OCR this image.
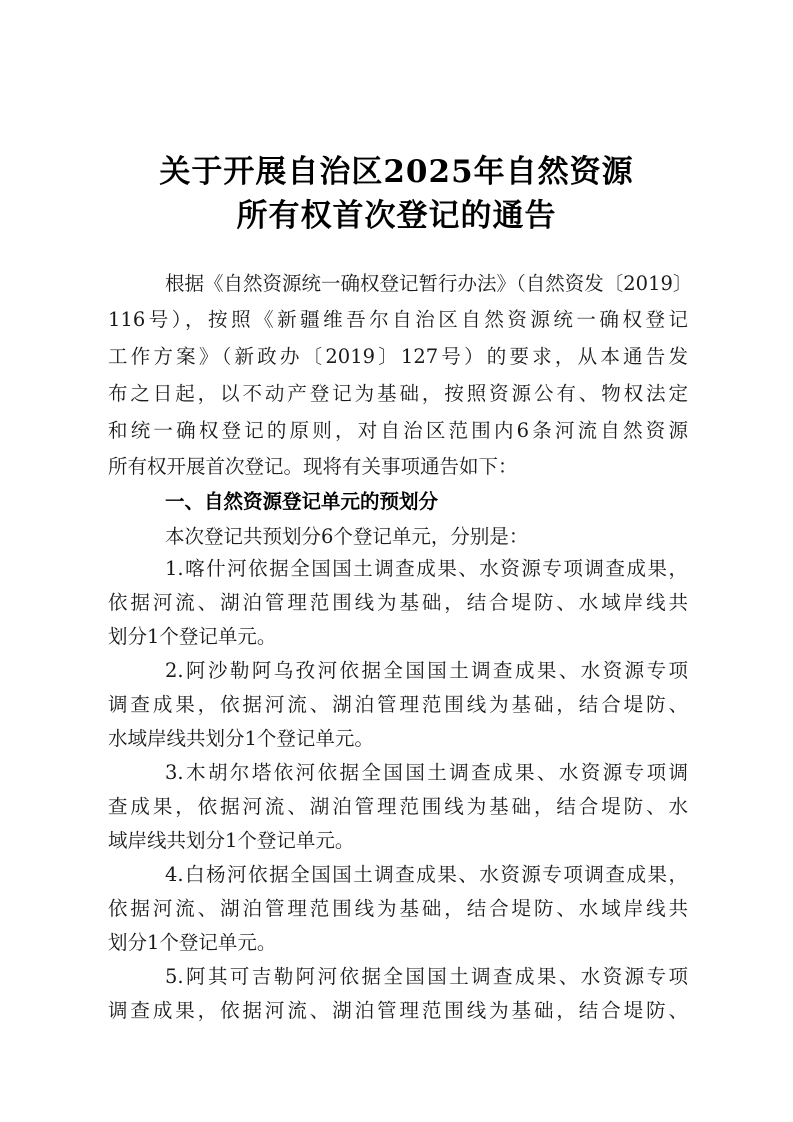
关于开展自治区2025年自然资源
所有权首次登记的通告
根据《自然资源统一确权登记暂行办法》（自然资发〔2019〕
116号），按照《新疆维吾尔自治区自然资源统一确权登记
工作方案》（新政办〔2019〕127号）的要求，从本通告发
布之日起，以不动产登记为基础，按照资源公有、物权法定
和统一确权登记的原则，对自治区范围内6条河流自然资源
所有权开展首次登记。现将有关事项通告如下：
一、自然资源登记单元的预划分
本次登记共预划分6个登记单元，分别是：
1.喀什河依据全国国土调查成果、水资源专项调查成果，
依据河流、湖泊管理范围线为基础，结合堤防、水域岸线共
划分1个登记单元。
2.阿沙勒阿乌孜河依据全国国土调查成果、水资源专项
调查成果，依据河流、湖泊管理范围线为基础，结合堤防、
水域岸线共划分1个登记单元。
3.木胡尔塔依河依据全国国土调查成果、水资源专项调
查成果，依据河流、湖泊管理范围线为基础，结合堤防、水
域岸线共划分1个登记单元。
4.白杨河依据全国国土调查成果、水资源专项调查成果，
依据河流、湖泊管理范围线为基础，结合堤防、水域岸线共
划分1个登记单元。
5.阿其可吉勒阿河依据全国国土调查成果、水资源专项
调查成果，依据河流、湖泊管理范围线为基础，结合堤防、
